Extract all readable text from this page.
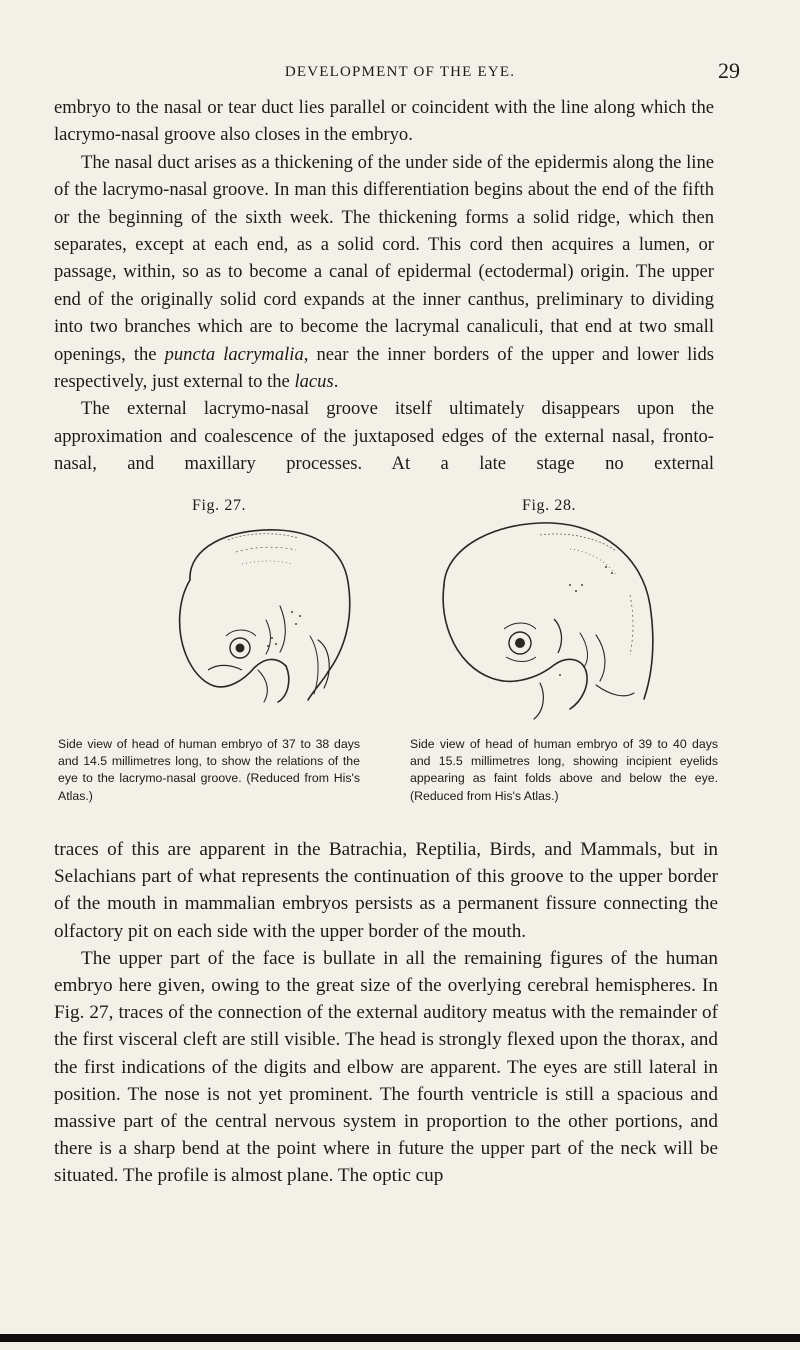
DEVELOPMENT OF THE EYE.	29

embryo to the nasal or tear duct lies parallel or coincident with the line along which the lacrymo-nasal groove also closes in the embryo.

The nasal duct arises as a thickening of the under side of the epidermis along the line of the lacrymo-nasal groove. In man this differentiation begins about the end of the fifth or the beginning of the sixth week. The thickening forms a solid ridge, which then separates, except at each end, as a solid cord. This cord then acquires a lumen, or passage, within, so as to become a canal of epidermal (ectodermal) origin. The upper end of the originally solid cord expands at the inner canthus, preliminary to dividing into two branches which are to become the lacrymal canaliculi, that end at two small openings, the puncta lacrymalia, near the inner borders of the upper and lower lids respectively, just external to the lacus.

The external lacrymo-nasal groove itself ultimately disappears upon the approximation and coalescence of the juxtaposed edges of the external nasal, fronto-nasal, and maxillary processes. At a late stage no external

Fig. 27.	Fig. 28.
Side view of head of human embryo of 37 to 38 days and 14.5 millimetres long, to show the relations of the eye to the lacrymo-nasal groove. (Reduced from His's Atlas.)
Side view of head of human embryo of 39 to 40 days and 15.5 millimetres long, showing incipient eyelids appearing as faint folds above and below the eye. (Reduced from His's Atlas.)

traces of this are apparent in the Batrachia, Reptilia, Birds, and Mammals, but in Selachians part of what represents the continuation of this groove to the upper border of the mouth in mammalian embryos persists as a permanent fissure connecting the olfactory pit on each side with the upper border of the mouth.

The upper part of the face is bullate in all the remaining figures of the human embryo here given, owing to the great size of the overlying cerebral hemispheres. In Fig. 27, traces of the connection of the external auditory meatus with the remainder of the first visceral cleft are still visible. The head is strongly flexed upon the thorax, and the first indications of the digits and elbow are apparent. The eyes are still lateral in position. The nose is not yet prominent. The fourth ventricle is still a spacious and massive part of the central nervous system in proportion to the other portions, and there is a sharp bend at the point where in future the upper part of the neck will be situated. The profile is almost plane. The optic cup
